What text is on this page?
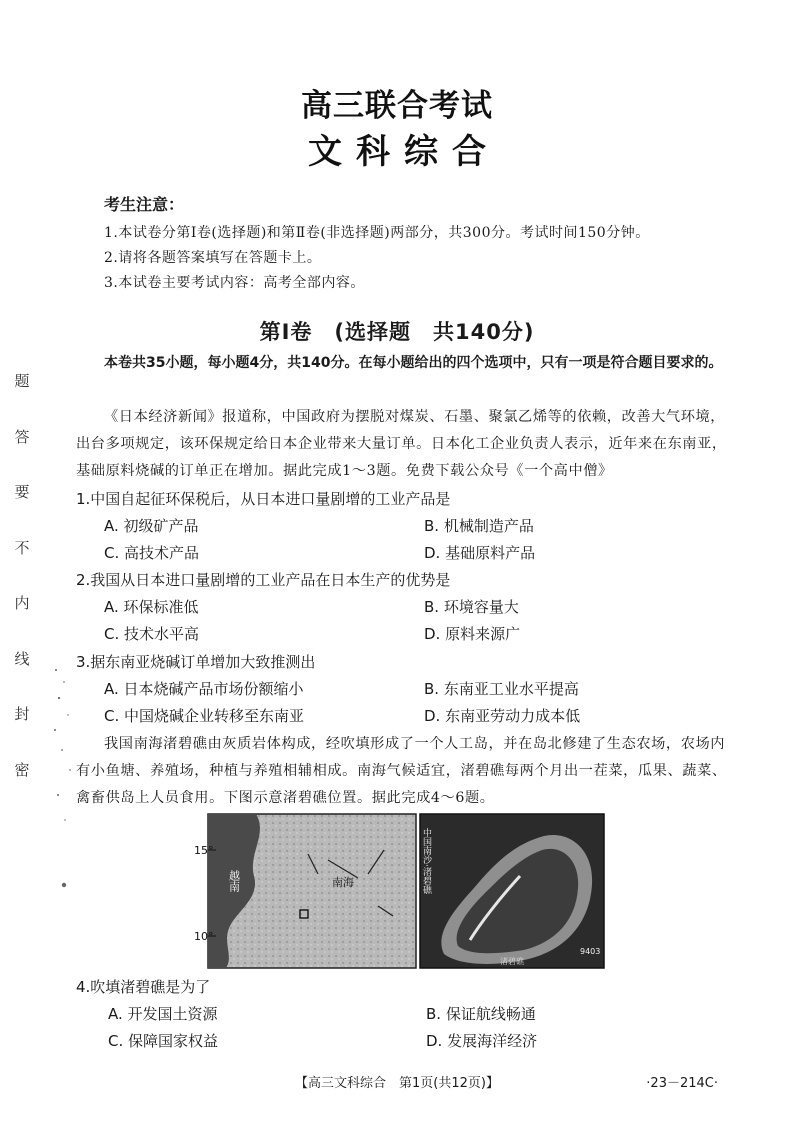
题
答
要
不
内
线
封
密
高三联合考试
文科综合
考生注意：
1.本试卷分第Ⅰ卷(选择题)和第Ⅱ卷(非选择题)两部分，共300分。考试时间150分钟。
2.请将各题答案填写在答题卡上。
3.本试卷主要考试内容：高考全部内容。
第Ⅰ卷　(选择题　共140分)
本卷共35小题，每小题4分，共140分。在每小题给出的四个选项中，只有一项是符合题目要求的。
《日本经济新闻》报道称，中国政府为摆脱对煤炭、石墨、聚氯乙烯等的依赖，改善大气环境，出台多项规定，该环保规定给日本企业带来大量订单。日本化工企业负责人表示，近年来在东南亚，基础原料烧碱的订单正在增加。据此完成1～3题。免费下载公众号《一个高中僧》
1.中国自起征环保税后，从日本进口量剧增的工业产品是
A. 初级矿产品	B. 机械制造产品
C. 高技术产品	D. 基础原料产品
2.我国从日本进口量剧增的工业产品在日本生产的优势是
A. 环保标准低	B. 环境容量大
C. 技术水平高	D. 原料来源广
3.据东南亚烧碱订单增加大致推测出
A. 日本烧碱产品市场份额缩小	B. 东南亚工业水平提高
C. 中国烧碱企业转移至东南亚	D. 东南亚劳动力成本低
我国南海渚碧礁由灰质岩体构成，经吹填形成了一个人工岛，并在岛北修建了生态农场，农场内有小鱼塘、养殖场，种植与养殖相辅相成。南海气候适宜，渚碧礁每两个月出一茬菜，瓜果、蔬菜、禽畜供岛上人员食用。下图示意渚碧礁位置。据此完成4～6题。
15°
10°
越南	南海	中国南沙·渚碧礁
9403
渚碧礁
4.吹填渚碧礁是为了
A. 开发国土资源	B. 保证航线畅通
C. 保障国家权益	D. 发展海洋经济
【高三文科综合　第1页(共12页)】	·23－214C·
